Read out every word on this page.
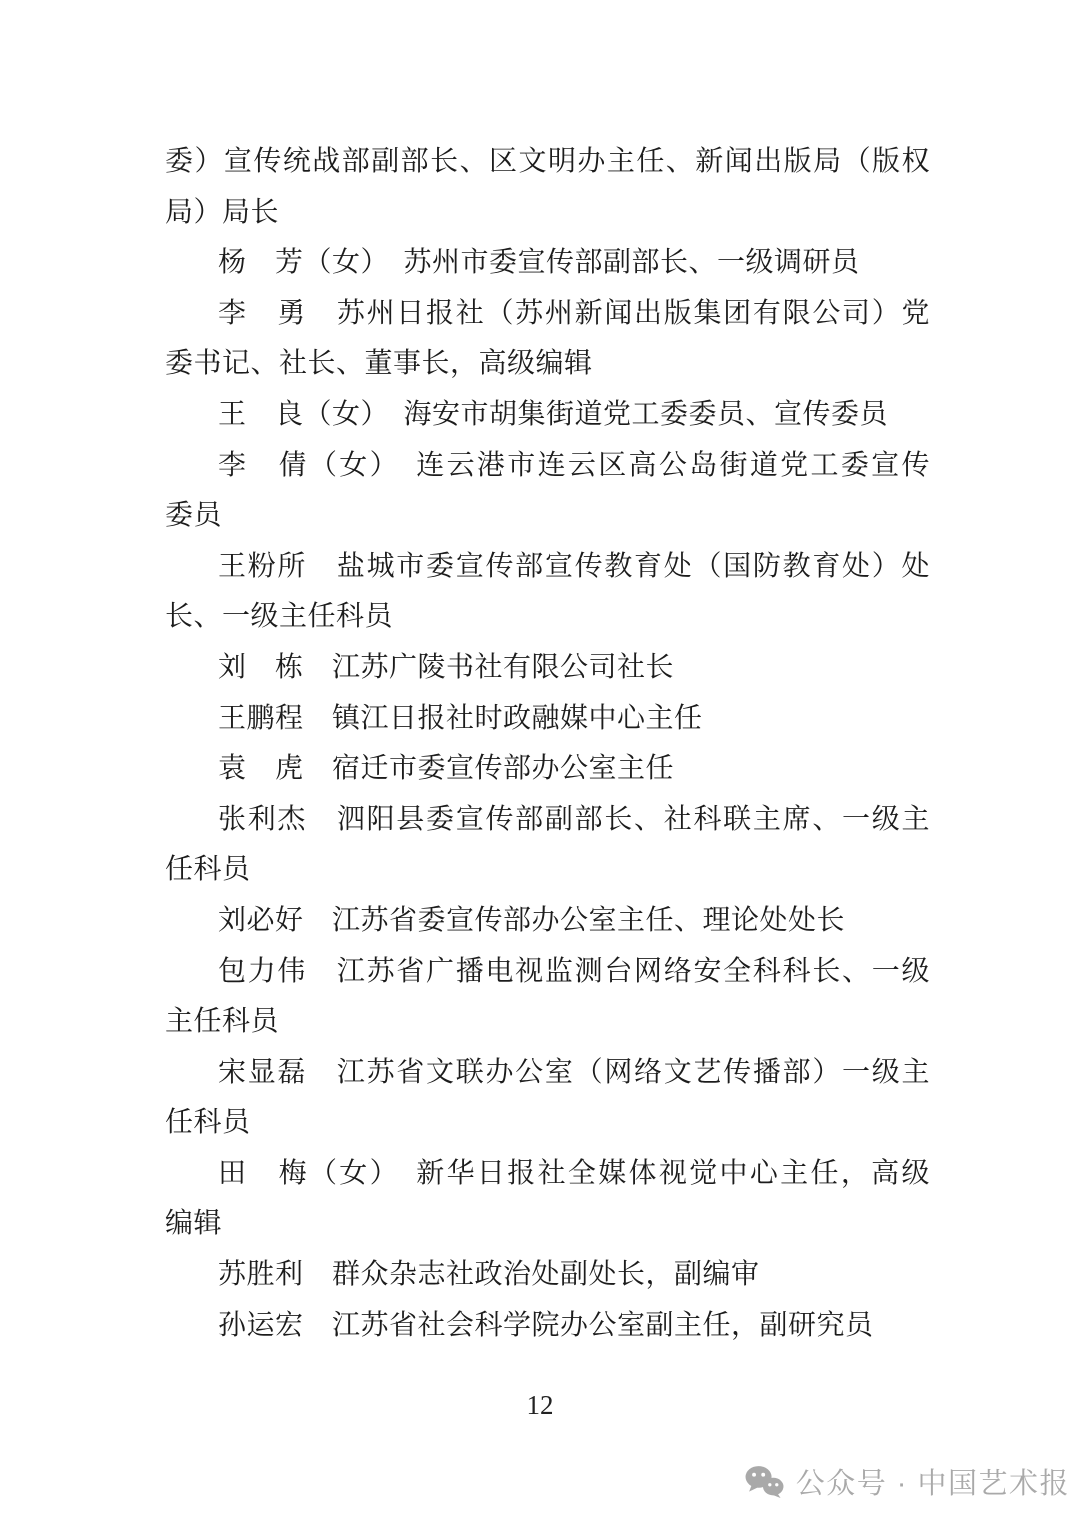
委）宣传统战部副部长、区文明办主任、新闻出版局（版权
局）局长
杨　芳（女）　苏州市委宣传部副部长、一级调研员
李　勇　苏州日报社（苏州新闻出版集团有限公司）党
委书记、社长、董事长，高级编辑
王　良（女）　海安市胡集街道党工委委员、宣传委员
李　倩（女）　连云港市连云区高公岛街道党工委宣传
委员
王粉所　盐城市委宣传部宣传教育处（国防教育处）处
长、一级主任科员
刘　栋　江苏广陵书社有限公司社长
王鹏程　镇江日报社时政融媒中心主任
袁　虎　宿迁市委宣传部办公室主任
张利杰　泗阳县委宣传部副部长、社科联主席、一级主
任科员
刘必好　江苏省委宣传部办公室主任、理论处处长
包力伟　江苏省广播电视监测台网络安全科科长、一级
主任科员
宋显磊　江苏省文联办公室（网络文艺传播部）一级主
任科员
田　梅（女）　新华日报社全媒体视觉中心主任，高级
编辑
苏胜利　群众杂志社政治处副处长，副编审
孙运宏　江苏省社会科学院办公室副主任，副研究员
12
公众号 · 中国艺术报
